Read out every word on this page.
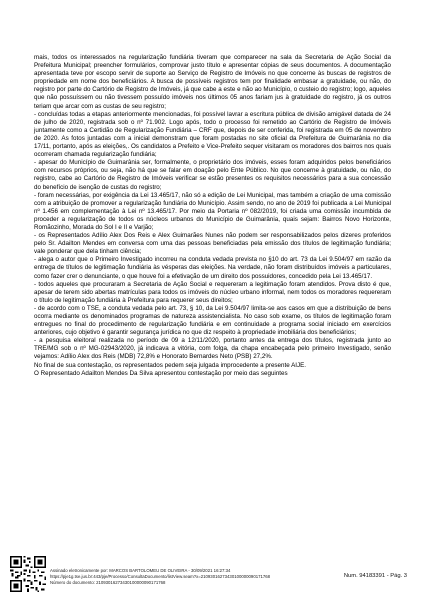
mais, todos os interessados na regularização fundiária tiveram que comparecer na sala da Secretaria de Ação Social da Prefeitura Municipal; preencher formulários, comprovar justo título e apresentar cópias de seus documentos. A documentação apresentada teve por escopo servir de suporte ao Serviço de Registro de Imóveis no que concerne às buscas de registros de propriedade em nome dos beneficiários. A busca de possíveis registros tem por finalidade embasar a gratuidade, ou não, do registro por parte do Cartório de Registro de Imóveis, já que cabe a este e não ao Município, o custeio do registro; logo, aqueles que não possuíssem ou não tivessem possuído imóveis nos últimos 05 anos fariam jus à gratuidade do registro, já os outros teriam que arcar com as custas de seu registro;

- concluídas todas a etapas anteriormente mencionadas, foi possível lavrar a escritura pública de divisão amigável datada de 24 de julho de 2020, registrada sob o nº 71.902. Logo após, todo o processo foi remetido ao Cartório de Registro de Imóveis juntamente como a Certidão de Regularização Fundiária – CRF que, depois de ser conferida, foi registrada em 05 de novembro de 2020. As fotos juntadas com a inicial demonstram que foram postadas no site oficial da Prefeitura de Guimarânia no dia 17/11, portanto, após as eleições,. Os candidatos a Prefeito e Vice-Prefeito sequer visitaram os moradores dos bairros nos quais ocorreram chamada regularização fundiária;

- apesar do Município de Guimarânia ser, formalmente, o proprietário dos imóveis, esses foram adquiridos pelos beneficiários com recursos próprios, ou seja, não há que se falar em doação pelo Ente Público. No que concerne à gratuidade, ou não, do registro, cabe ao Cartório de Registro de Imóveis verificar se estão presentes os requisitos necessários para a sua concessão do benefício de isenção de custas do registro;

- foram necessárias, por exigência da Lei 13.465/17, não só a edição de Lei Municipal, mas também a criação de uma comissão com a atribuição de promover a regularização fundiária do Município. Assim sendo, no ano de 2019 foi publicada a Lei Municipal nº 1.456 em complementação à Lei nº 13.465/17. Por meio da Portaria nº 082/2019, foi criada uma comissão incumbida de proceder a regularização de todos os núcleos urbanos do Município de Guimarânia, quais sejam: Bairros Novo Horizonte, Romãozinho, Morada do Sol I e II e Varjão;

- os Representados Adílio Alex Dos Reis e Alex Guimarães Nunes não podem ser responsabilizados pelos dizeres proferidos pelo Sr. Adailton Mendes em conversa com uma das pessoas beneficiadas pela emissão dos títulos de legitimação fundiária; vale ponderar que dela tinham ciência;

- alega o autor que o Primeiro Investigado incorreu na conduta vedada prevista no §10 do art. 73 da Lei 9.504/97 em razão da entrega de títulos de legitimação fundiária às vésperas das eleições. Na verdade, não foram distribuídos imóveis a particulares, como fazer crer o denunciante, o que houve foi a efetivação de um direito dos possuidores, concedido pela Lei 13.465/17.

- todos aqueles que procuraram a Secretaria de Ação Social e requereram a legitimação foram atendidos. Prova disto é que, apesar de terem sido abertas matrículas para todos os imóveis do núcleo urbano informal, nem todos os moradores requereram o título de legitimação fundiária à Prefeitura para requerer seus direitos;

- de acordo com o TSE, a conduta vedada pelo art. 73, § 10, da Lei 9.504/97 limita-se aos casos em que a distribuição de bens ocorra mediante os denominados programas de natureza assistencialista. No caso sob exame, os títulos de legitimação foram entregues no final do procedimento de regularização fundiária e em continuidade a programa social iniciado em exercícios anteriores, cujo objetivo é garantir segurança jurídica no que diz respeito à propriedade imobiliária dos beneficiários;

- a pesquisa eleitoral realizada no período de 09 a 12/11/2020, portanto antes da entrega dos títulos, registrada junto ao TRE/MG sob o nº MG-02943/2020, já indicava a vitória, com folga, da chapa encabeçada pelo primeiro Investigado, senão vejamos: Adílio Alex dos Reis (MDB) 72,8% e Honorato Bernardes Neto (PSB) 27,2%.

No final de sua contestação, os representados pedem seja julgada improcedente a presente AIJE.

O Representado Adailton Mendes Da Silva apresentou contestação por meio das seguintes

Assinado eletronicamente por: MARCOS BARTOLOMEU DE OLIVEIRA - 30/09/2021 16:27:34
https://pje1g.tse.jus.br:443/pje/Processo/ConsultaDocumento/listView.seam?x=21093016273430100000090171768
Número do documento: 21093016273430100000090171768
Num. 94183391 - Pág. 3
